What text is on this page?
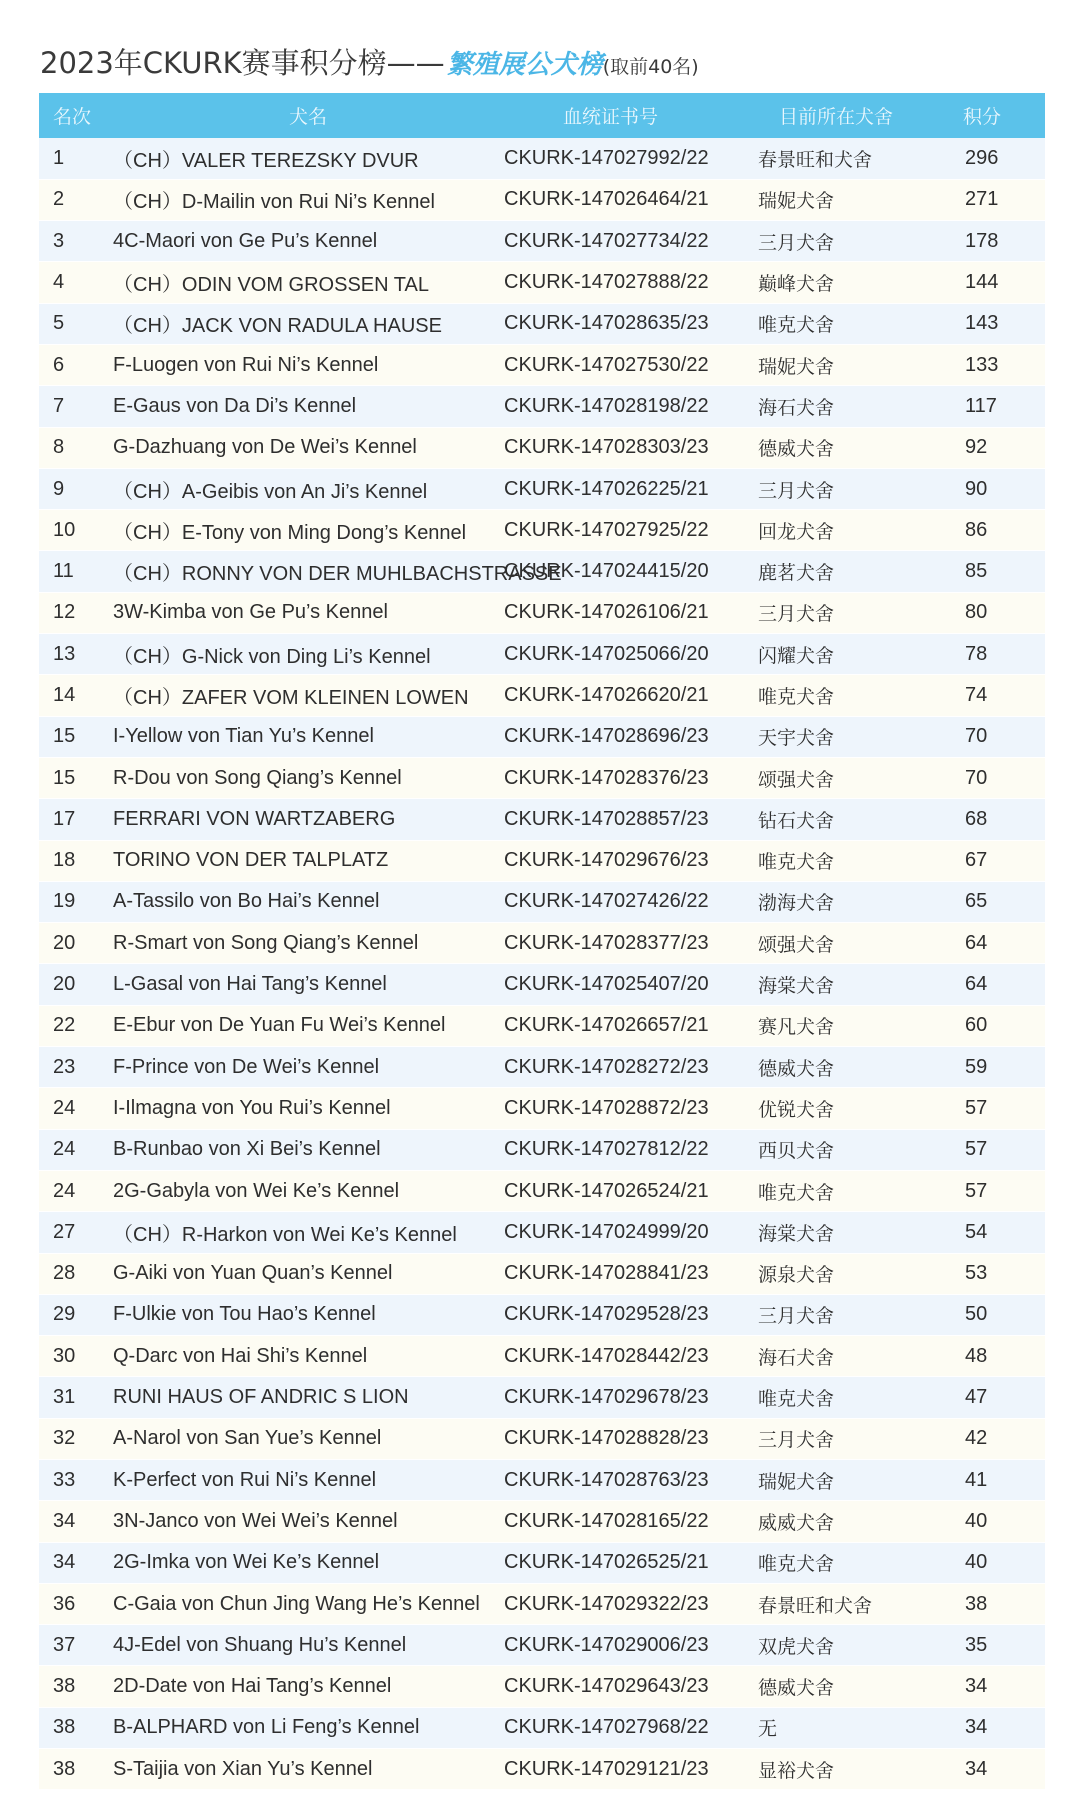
2023年CKURK赛事积分榜——繁殖展公犬榜(取前40名)
名次	犬名	血统证书号	目前所在犬舍	积分
1	（CH）VALER TEREZSKY DVUR	CKURK-147027992/22	春景旺和犬舍	296
2	（CH）D-Mailin von Rui Ni’s Kennel	CKURK-147026464/21	瑞妮犬舍	271
3	4C-Maori von Ge Pu’s Kennel	CKURK-147027734/22	三月犬舍	178
4	（CH）ODIN VOM GROSSEN TAL	CKURK-147027888/22	巅峰犬舍	144
5	（CH）JACK VON RADULA HAUSE	CKURK-147028635/23	唯克犬舍	143
6	F-Luogen von Rui Ni’s Kennel	CKURK-147027530/22	瑞妮犬舍	133
7	E-Gaus von Da Di’s Kennel	CKURK-147028198/22	海石犬舍	117
8	G-Dazhuang von De Wei’s Kennel	CKURK-147028303/23	德威犬舍	92
9	（CH）A-Geibis von An Ji’s Kennel	CKURK-147026225/21	三月犬舍	90
10	（CH）E-Tony von Ming Dong’s Kennel	CKURK-147027925/22	回龙犬舍	86
11	（CH）RONNY VON DER MUHLBACHSTRASSE	CKURK-147024415/20	鹿茗犬舍	85
12	3W-Kimba von Ge Pu’s Kennel	CKURK-147026106/21	三月犬舍	80
13	（CH）G-Nick von Ding Li’s Kennel	CKURK-147025066/20	闪耀犬舍	78
14	（CH）ZAFER VOM KLEINEN LOWEN	CKURK-147026620/21	唯克犬舍	74
15	I-Yellow von Tian Yu’s Kennel	CKURK-147028696/23	天宇犬舍	70
15	R-Dou von Song Qiang’s Kennel	CKURK-147028376/23	颂强犬舍	70
17	FERRARI VON WARTZABERG	CKURK-147028857/23	钻石犬舍	68
18	TORINO VON DER TALPLATZ	CKURK-147029676/23	唯克犬舍	67
19	A-Tassilo von Bo Hai’s Kennel	CKURK-147027426/22	渤海犬舍	65
20	R-Smart von Song Qiang’s Kennel	CKURK-147028377/23	颂强犬舍	64
20	L-Gasal von Hai Tang’s Kennel	CKURK-147025407/20	海棠犬舍	64
22	E-Ebur von De Yuan Fu Wei’s Kennel	CKURK-147026657/21	赛凡犬舍	60
23	F-Prince von De Wei’s Kennel	CKURK-147028272/23	德威犬舍	59
24	I-Ilmagna von You Rui’s Kennel	CKURK-147028872/23	优锐犬舍	57
24	B-Runbao von Xi Bei’s Kennel	CKURK-147027812/22	西贝犬舍	57
24	2G-Gabyla von Wei Ke’s Kennel	CKURK-147026524/21	唯克犬舍	57
27	（CH）R-Harkon von Wei Ke’s Kennel	CKURK-147024999/20	海棠犬舍	54
28	G-Aiki von Yuan Quan’s Kennel	CKURK-147028841/23	源泉犬舍	53
29	F-Ulkie von Tou Hao’s Kennel	CKURK-147029528/23	三月犬舍	50
30	Q-Darc von Hai Shi’s Kennel	CKURK-147028442/23	海石犬舍	48
31	RUNI HAUS OF ANDRIC S LION	CKURK-147029678/23	唯克犬舍	47
32	A-Narol von San Yue’s Kennel	CKURK-147028828/23	三月犬舍	42
33	K-Perfect von Rui Ni’s Kennel	CKURK-147028763/23	瑞妮犬舍	41
34	3N-Janco von Wei Wei’s Kennel	CKURK-147028165/22	威威犬舍	40
34	2G-Imka von Wei Ke’s Kennel	CKURK-147026525/21	唯克犬舍	40
36	C-Gaia von Chun Jing Wang He’s Kennel	CKURK-147029322/23	春景旺和犬舍	38
37	4J-Edel von Shuang Hu’s Kennel	CKURK-147029006/23	双虎犬舍	35
38	2D-Date von Hai Tang’s Kennel	CKURK-147029643/23	德威犬舍	34
38	B-ALPHARD von Li Feng’s Kennel	CKURK-147027968/22	无	34
38	S-Taijia von Xian Yu’s Kennel	CKURK-147029121/23	显裕犬舍	34
